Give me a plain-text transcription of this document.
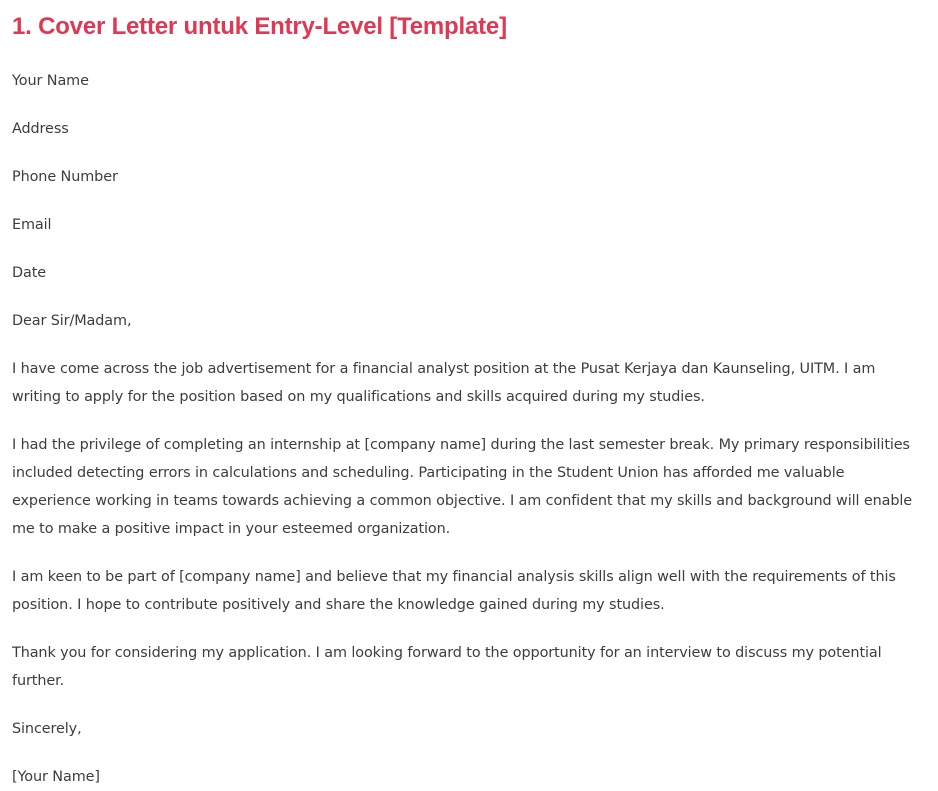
1. Cover Letter untuk Entry-Level [Template]

Your Name

Address

Phone Number

Email

Date

Dear Sir/Madam,

I have come across the job advertisement for a financial analyst position at the Pusat Kerjaya dan Kaunseling, UITM. I am writing to apply for the position based on my qualifications and skills acquired during my studies.

I had the privilege of completing an internship at [company name] during the last semester break. My primary responsibilities included detecting errors in calculations and scheduling. Participating in the Student Union has afforded me valuable experience working in teams towards achieving a common objective. I am confident that my skills and background will enable me to make a positive impact in your esteemed organization.

I am keen to be part of [company name] and believe that my financial analysis skills align well with the requirements of this position. I hope to contribute positively and share the knowledge gained during my studies.

Thank you for considering my application. I am looking forward to the opportunity for an interview to discuss my potential further.

Sincerely,

[Your Name]
